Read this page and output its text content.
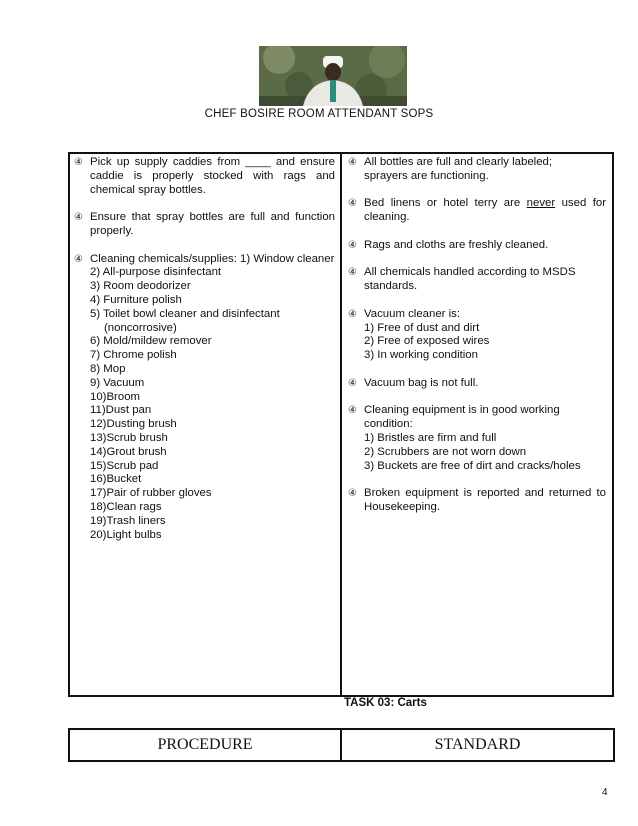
CHEF BOSIRE ROOM ATTENDANT SOPS
④ Pick up supply caddies from ____ and ensure caddie is properly stocked with rags and chemical spray bottles.
④ Ensure that spray bottles are full and function properly.
④ Cleaning chemicals/supplies: 1) Window cleaner
2) All-purpose disinfectant
3) Room deodorizer
4) Furniture polish
5) Toilet bowl cleaner and disinfectant
(noncorrosive)
6) Mold/mildew remover
7) Chrome polish
8) Mop
9) Vacuum
10)Broom
11)Dust pan
12)Dusting brush
13)Scrub brush
14)Grout brush
15)Scrub pad
16)Bucket
17)Pair of rubber gloves
18)Clean rags
19)Trash liners
20)Light bulbs
④ All bottles are full and clearly labeled;
sprayers are functioning.
④ Bed linens or hotel terry are never used for cleaning.
④ Rags and cloths are freshly cleaned.
④ All chemicals handled according to MSDS
standards.
④ Vacuum cleaner is:
1) Free of dust and dirt
2) Free of exposed wires
3) In working condition
④ Vacuum bag is not full.
④ Cleaning equipment is in good working
condition:
1) Bristles are firm and full
2) Scrubbers are not worn down
3) Buckets are free of dirt and cracks/holes
④ Broken equipment is reported and returned to Housekeeping.
TASK 03: Carts
PROCEDURE	STANDARD
4
